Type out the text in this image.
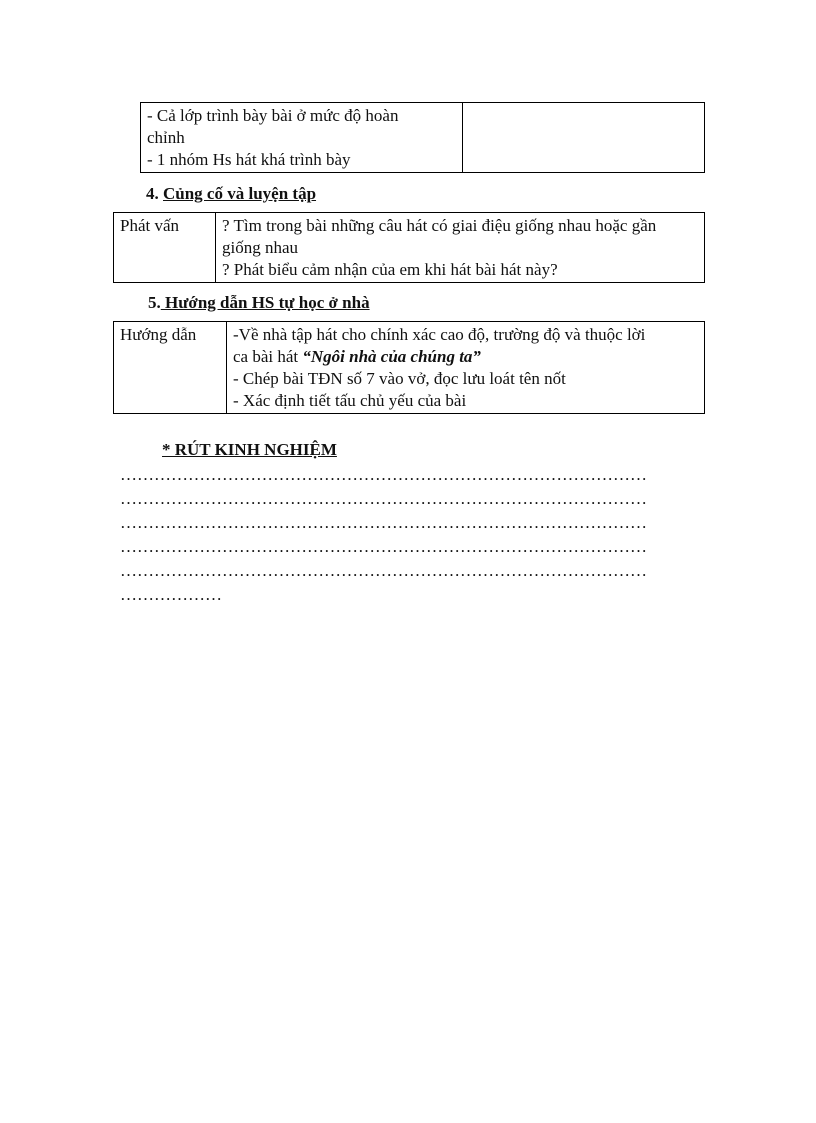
- Cả lớp trình bày bài ở mức độ hoàn
chỉnh
- 1 nhóm Hs hát khá trình bày

4. Củng cố và luyện tập
Phát vấn	? Tìm trong bài những câu hát có giai điệu giống nhau hoặc gần
giống nhau
? Phát biểu cảm nhận của em khi hát bài hát này?
5. Hướng dẫn HS tự học ở nhà
Hướng dẫn	-Về nhà tập hát cho chính xác cao độ, trường độ và thuộc lời
ca bài hát “Ngôi nhà của chúng ta”
- Chép bài TĐN số 7 vào vở, đọc lưu loát tên nốt
- Xác định tiết tấu chủ yếu của bài
* RÚT KINH NGHIỆM
…………………………………………………………………………………
…………………………………………………………………………………
…………………………………………………………………………………
…………………………………………………………………………………
…………………………………………………………………………………
………………
